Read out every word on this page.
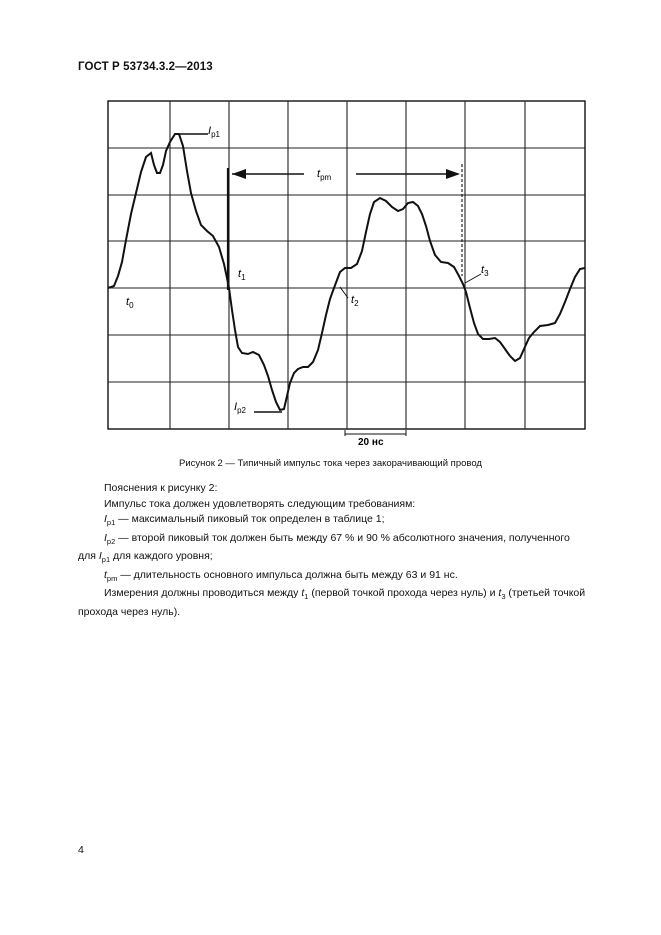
ГОСТ Р 53734.3.2—2013
$I_{p1}$
$t_{pm}$
$t_0$
$t_1$
$t_2$
$t_3$
$I_{p2}$
20 нс
Рисунок 2 — Типичный импульс тока через закорачивающий провод

Пояснения к рисунку 2:

Импульс тока должен удовлетворять следующим требованиям:

$I_{p1}$ — максимальный пиковый ток определен в таблице 1;

$I_{p2}$ — второй пиковый ток должен быть между 67 % и 90 % абсолютного значения, полученного

для $I_{p1}$ для каждого уровня;

$t_{pm}$ — длительность основного импульса должна быть между 63 и 91 нс.

Измерения должны проводиться между $t_1$ (первой точкой прохода через нуль) и $t_3$ (третьей точкой

прохода через нуль).

4
